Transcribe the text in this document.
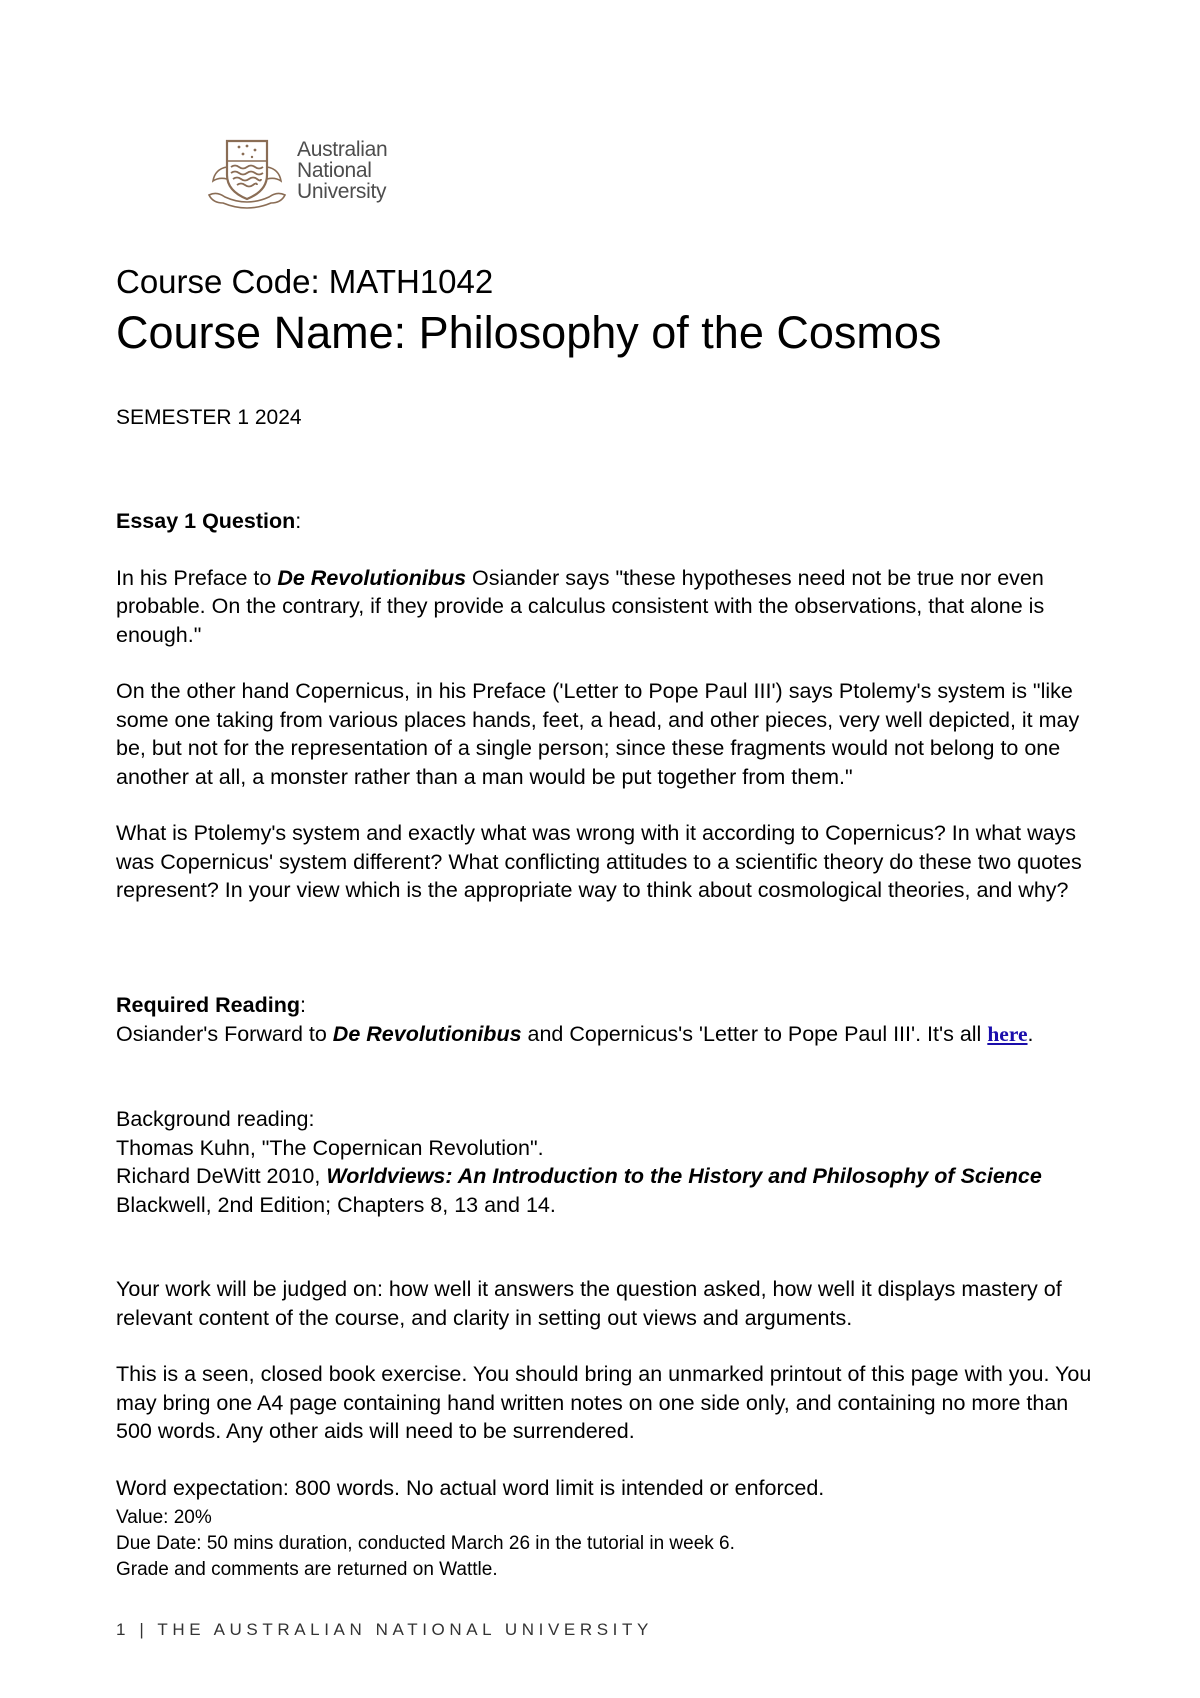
Australian
National
University
Course Code: MATH1042
Course Name: Philosophy of the Cosmos
SEMESTER 1 2024

Essay 1 Question:

In his Preface to De Revolutionibus Osiander says "these hypotheses need not be true nor even probable. On the contrary, if they provide a calculus consistent with the observations, that alone is enough."

On the other hand Copernicus, in his Preface ('Letter to Pope Paul III') says Ptolemy's system is "like some one taking from various places hands, feet, a head, and other pieces, very well depicted, it may be, but not for the representation of a single person; since these fragments would not belong to one another at all, a monster rather than a man would be put together from them."

What is Ptolemy's system and exactly what was wrong with it according to Copernicus? In what ways was Copernicus' system different? What conflicting attitudes to a scientific theory do these two quotes represent? In your view which is the appropriate way to think about cosmological theories, and why?

Required Reading:

Osiander's Forward to De Revolutionibus and Copernicus's 'Letter to Pope Paul III'. It's all here.

Background reading:

Thomas Kuhn, "The Copernican Revolution".

Richard DeWitt 2010, Worldviews: An Introduction to the History and Philosophy of Science Blackwell, 2nd Edition; Chapters 8, 13 and 14.

Your work will be judged on: how well it answers the question asked, how well it displays mastery of relevant content of the course, and clarity in setting out views and arguments.

This is a seen, closed book exercise. You should bring an unmarked printout of this page with you. You may bring one A4 page containing hand written notes on one side only, and containing no more than 500 words. Any other aids will need to be surrendered.

Word expectation: 800 words. No actual word limit is intended or enforced.

Value: 20%

Due Date: 50 mins duration, conducted March 26 in the tutorial in week 6.

Grade and comments are returned on Wattle.

1 | THE AUSTRALIAN NATIONAL UNIVERSITY
